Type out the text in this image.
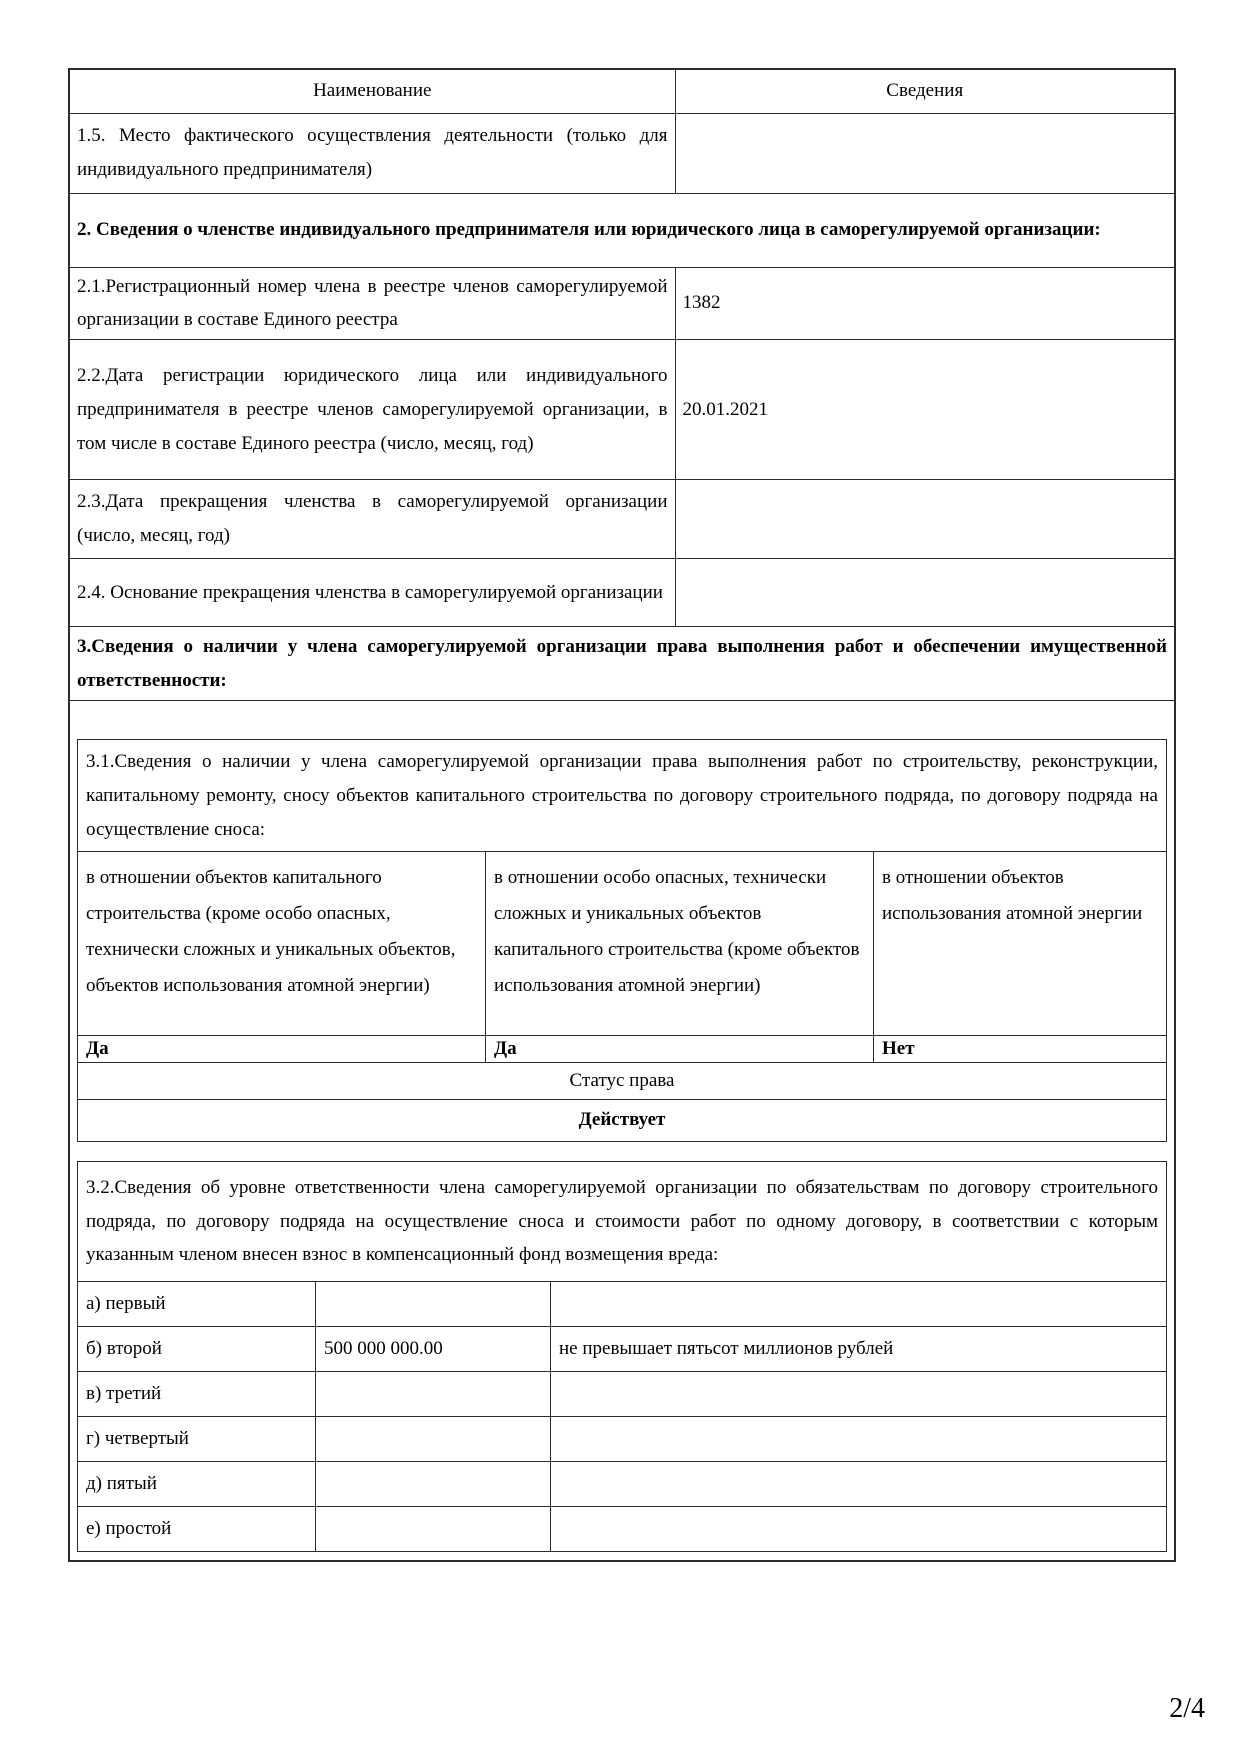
Наименование	Сведения
1.5. Место фактического осуществления деятельности (только для индивидуального предпринимателя)	
2. Сведения о членстве индивидуального предпринимателя или юридического лица в саморегулируемой организации:
2.1.Регистрационный номер члена в реестре членов саморегулируемой организации в составе Единого реестра	1382
2.2.Дата регистрации юридического лица или индивидуального предпринимателя в реестре членов саморегулируемой организации, в том числе в составе Единого реестра (число, месяц, год)	20.01.2021
2.3.Дата прекращения членства в саморегулируемой организации (число, месяц, год)	
2.4. Основание прекращения членства в саморегулируемой организации	
3.Сведения о наличии у члена саморегулируемой организации права выполнения работ и обеспечении имущественной ответственности:

3.1.Сведения о наличии у члена саморегулируемой организации права выполнения работ по строительству, реконструкции, капитальному ремонту, сносу объектов капитального строительства по договору строительного подряда, по договору подряда на осуществление сноса:
в отношении объектов капитального строительства (кроме особо опасных, технически сложных и уникальных объектов, объектов использования атомной энергии)	в отношении особо опасных, технически сложных и уникальных объектов капитального строительства (кроме объектов использования атомной энергии)	в отношении объектов использования атомной энергии
Да	Да	Нет
Статус права
Действует
3.2.Сведения об уровне ответственности члена саморегулируемой организации по обязательствам по договору строительного подряда, по договору подряда на осуществление сноса и стоимости работ по одному договору, в соответствии с которым указанным членом внесен взнос в компенсационный фонд возмещения вреда:
а) первый		
б) второй	500 000 000.00	не превышает пятьсот миллионов рублей
в) третий		
г) четвертый		
д) пятый		
е) простой		
2/4
